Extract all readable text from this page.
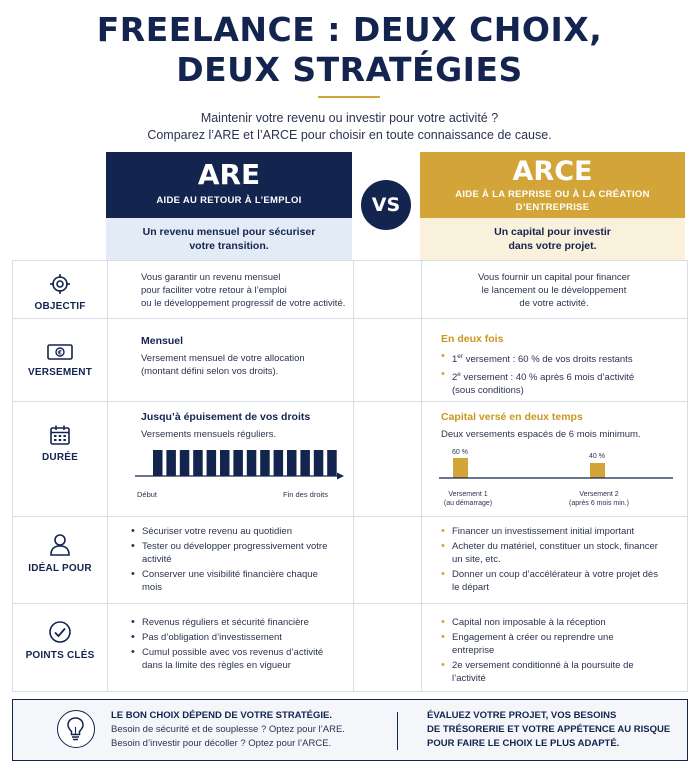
FREELANCE : DEUX CHOIX,
DEUX STRATÉGIES
Maintenir votre revenu ou investir pour votre activité ?
Comparez l’ARE et l’ARCE pour choisir en toute connaissance de cause.
ARE
AIDE AU RETOUR À L’EMPLOI
Un revenu mensuel pour sécuriser
votre transition.
ARCE
AIDE À LA REPRISE OU À LA CRÉATION
D’ENTREPRISE
Un capital pour investir
dans votre projet.
VS
OBJECTIF
Vous garantir un revenu mensuel
pour faciliter votre retour à l’emploi
ou le développement progressif de votre activité.
Vous fournir un capital pour financer
le lancement ou le développement
de votre activité.
€
VERSEMENT
Mensuel
Versement mensuel de votre allocation
(montant défini selon vos droits).
En deux fois
• 1er versement : 60 % de vos droits restants
• 2e versement : 40 % après 6 mois d’activité
(sous conditions)
DURÉE
Jusqu’à épuisement de vos droits
Versements mensuels réguliers.
Début	Fin des droits
Capital versé en deux temps
Deux versements espacés de 6 mois minimum.
60 %
40 %
Versement 1
(au démarrage)
Versement 2
(après 6 mois min.)
IDÉAL POUR
• Sécuriser votre revenu au quotidien
• Tester ou développer progressivement votre activité
• Conserver une visibilité financière chaque mois
• Financer un investissement initial important
• Acheter du matériel, constituer un stock, financer un site, etc.
• Donner un coup d’accélérateur à votre projet dès le départ
POINTS CLÉS
• Revenus réguliers et sécurité financière
• Pas d’obligation d’investissement
• Cumul possible avec vos revenus d’activité dans la limite des règles en vigueur
• Capital non imposable à la réception
• Engagement à créer ou reprendre une entreprise
• 2e versement conditionné à la poursuite de l’activité
LE BON CHOIX DÉPEND DE VOTRE STRATÉGIE.
Besoin de sécurité et de souplesse ? Optez pour l’ARE.
Besoin d’investir pour décoller ? Optez pour l’ARCE.
ÉVALUEZ VOTRE PROJET, VOS BESOINS
DE TRÉSORERIE ET VOTRE APPÉTENCE AU RISQUE
POUR FAIRE LE CHOIX LE PLUS ADAPTÉ.
